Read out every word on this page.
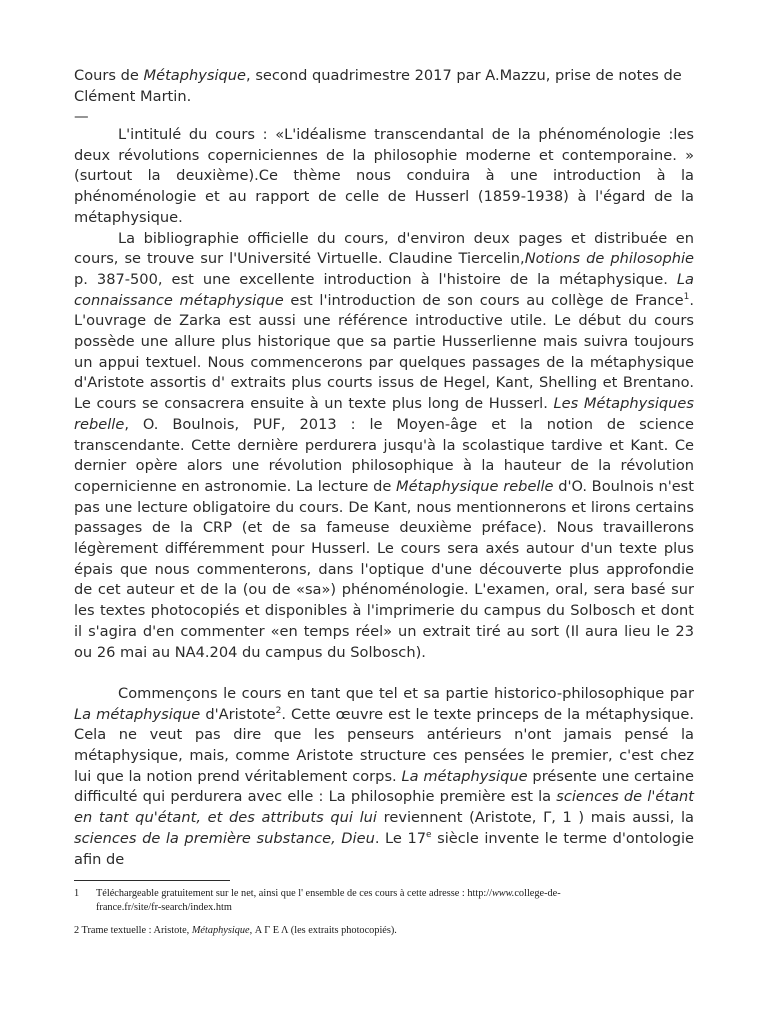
Cours de Métaphysique, second quadrimestre 2017 par A.Mazzu, prise de notes de Clément Martin.
—

L'intitulé du cours : «L'idéalisme transcendantal de la phénoménologie :les deux révolutions coperniciennes de la philosophie moderne et contemporaine. » (surtout la deuxième).Ce thème nous conduira à une introduction à la phénoménologie et au rapport de celle de Husserl (1859-1938) à l'égard de la métaphysique.

La bibliographie officielle du cours, d'environ deux pages et distribuée en cours, se trouve sur l'Université Virtuelle. Claudine Tiercelin,Notions de philosophie p. 387-500, est une excellente introduction à l'histoire de la métaphysique. La connaissance métaphysique est l'introduction de son cours au collège de France$^1$. L'ouvrage de Zarka est aussi une référence introductive utile. Le début du cours possède une allure plus historique que sa partie Husserlienne mais suivra toujours un appui textuel. Nous commencerons par quelques passages de la métaphysique d'Aristote assortis d' extraits plus courts issus de Hegel, Kant, Shelling et Brentano. Le cours se consacrera ensuite à un texte plus long de Husserl. Les Métaphysiques rebelle, O. Boulnois, PUF, 2013 : le Moyen-âge et la notion de science transcendante. Cette dernière perdurera jusqu'à la scolastique tardive et Kant. Ce dernier opère alors une révolution philosophique à la hauteur de la révolution copernicienne en astronomie. La lecture de Métaphysique rebelle d'O. Boulnois n'est pas une lecture obligatoire du cours. De Kant, nous mentionnerons et lirons certains passages de la CRP (et de sa fameuse deuxième préface). Nous travaillerons légèrement différemment pour Husserl. Le cours sera axés autour d'un texte plus épais que nous commenterons, dans l'optique d'une découverte plus approfondie de cet auteur et de la (ou de «sa») phénoménologie. L'examen, oral, sera basé sur les textes photocopiés et disponibles à l'imprimerie du campus du Solbosch et dont il s'agira d'en commenter «en temps réel» un extrait tiré au sort (Il aura lieu le 23 ou 26 mai au NA4.204 du campus du Solbosch).

Commençons le cours en tant que tel et sa partie historico-philosophique par La métaphysique d'Aristote$^2$. Cette œuvre est le texte princeps de la métaphysique. Cela ne veut pas dire que les penseurs antérieurs n'ont jamais pensé la métaphysique, mais, comme Aristote structure ces pensées le premier, c'est chez lui que la notion prend véritablement corps. La métaphysique présente une certaine difficulté qui perdurera avec elle : La philosophie première est la sciences de l'étant en tant qu'étant, et des attributs qui lui reviennent (Aristote, Γ, 1 ) mais aussi, la sciences de la première substance, Dieu. Le 17e siècle invente le terme d'ontologie afin de

1 Téléchargeable gratuitement sur le net, ainsi que l' ensemble de ces cours à cette adresse : http://www.college-de-
france.fr/site/fr-search/index.htm
2 Trame textuelle : Aristote, Métaphysique, Α Γ Ε Λ (les extraits photocopiés).
